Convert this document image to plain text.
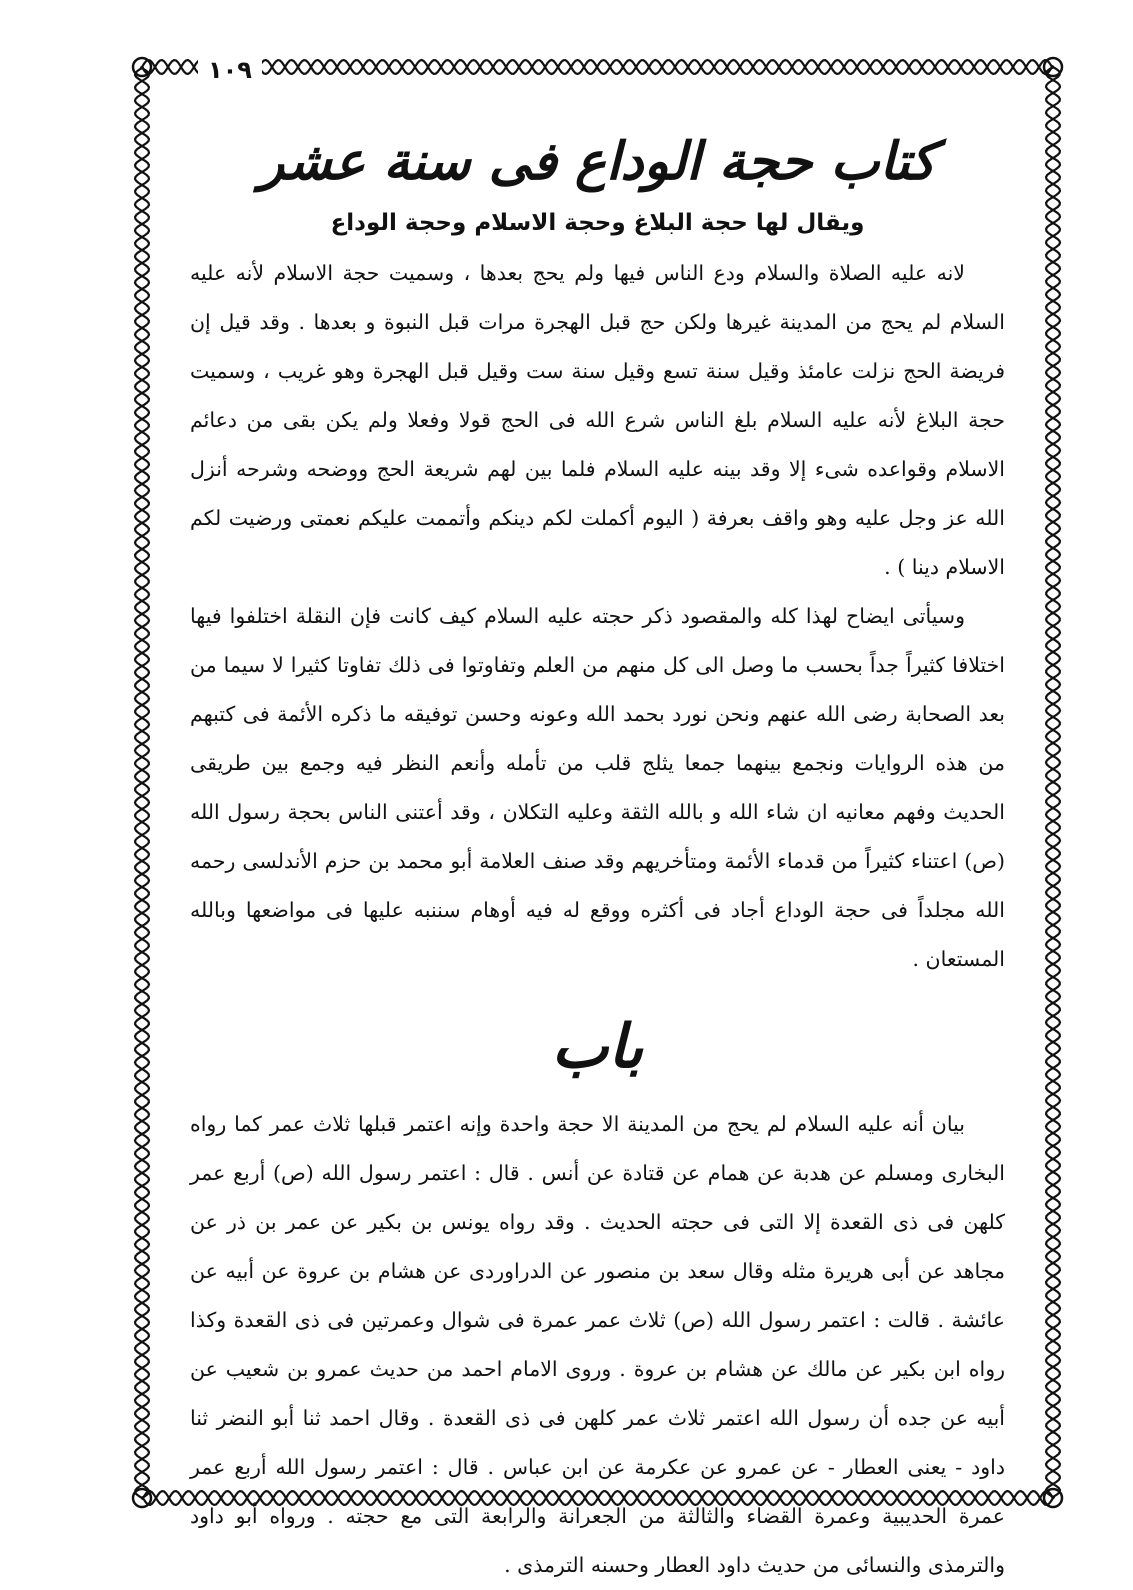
١٠٩
كتاب حجة الوداع فى سنة عشر
ويقال لها حجة البلاغ وحجة الاسلام وحجة الوداع

لانه عليه الصلاة والسلام ودع الناس فيها ولم يحج بعدها ، وسميت حجة الاسلام لأنه عليه السلام لم يحج من المدينة غيرها ولكن حج قبل الهجرة مرات قبل النبوة و بعدها . وقد قيل إن فريضة الحج نزلت عامئذ وقيل سنة تسع وقيل سنة ست وقيل قبل الهجرة وهو غريب ، وسميت حجة البلاغ لأنه عليه السلام بلغ الناس شرع الله فى الحج قولا وفعلا ولم يكن بقى من دعائم الاسلام وقواعده شىء إلا وقد بينه عليه السلام فلما بين لهم شريعة الحج ووضحه وشرحه أنزل الله عز وجل عليه وهو واقف بعرفة ( اليوم أكملت لكم دينكم وأتممت عليكم نعمتى ورضيت لكم الاسلام دينا ) .

وسيأتى ايضاح لهذا كله والمقصود ذكر حجته عليه السلام كيف كانت فإن النقلة اختلفوا فيها اختلافا كثيراً جداً بحسب ما وصل الى كل منهم من العلم وتفاوتوا فى ذلك تفاوتا كثيرا لا سيما من بعد الصحابة رضى الله عنهم ونحن نورد بحمد الله وعونه وحسن توفيقه ما ذكره الأئمة فى كتبهم من هذه الروايات ونجمع بينهما جمعا يثلج قلب من تأمله وأنعم النظر فيه وجمع بين طريقى الحديث وفهم معانيه ان شاء الله و بالله الثقة وعليه التكلان ، وقد أعتنى الناس بحجة رسول الله (ص) اعتناء كثيراً من قدماء الأئمة ومتأخريهم وقد صنف العلامة أبو محمد بن حزم الأندلسى رحمه الله مجلداً فى حجة الوداع أجاد فى أكثره ووقع له فيه أوهام سننبه عليها فى مواضعها وبالله المستعان .

باب

بيان أنه عليه السلام لم يحج من المدينة الا حجة واحدة وإنه اعتمر قبلها ثلاث عمر كما رواه البخارى ومسلم عن هدبة عن همام عن قتادة عن أنس . قال : اعتمر رسول الله (ص) أربع عمر كلهن فى ذى القعدة إلا التى فى حجته الحديث . وقد رواه يونس بن بكير عن عمر بن ذر عن مجاهد عن أبى هريرة مثله وقال سعد بن منصور عن الدراوردى عن هشام بن عروة عن أبيه عن عائشة . قالت : اعتمر رسول الله (ص) ثلاث عمر عمرة فى شوال وعمرتين فى ذى القعدة وكذا رواه ابن بكير عن مالك عن هشام بن عروة . وروى الامام احمد من حديث عمرو بن شعيب عن أبيه عن جده أن رسول الله اعتمر ثلاث عمر كلهن فى ذى القعدة . وقال احمد ثنا أبو النضر ثنا داود - يعنى العطار - عن عمرو عن عكرمة عن ابن عباس . قال : اعتمر رسول الله أربع عمر عمرة الحديبية وعمرة القضاء والثالثة من الجعرانة والرابعة التى مع حجته . ورواه أبو داود والترمذى والنسائى من حديث داود العطار وحسنه الترمذى .
